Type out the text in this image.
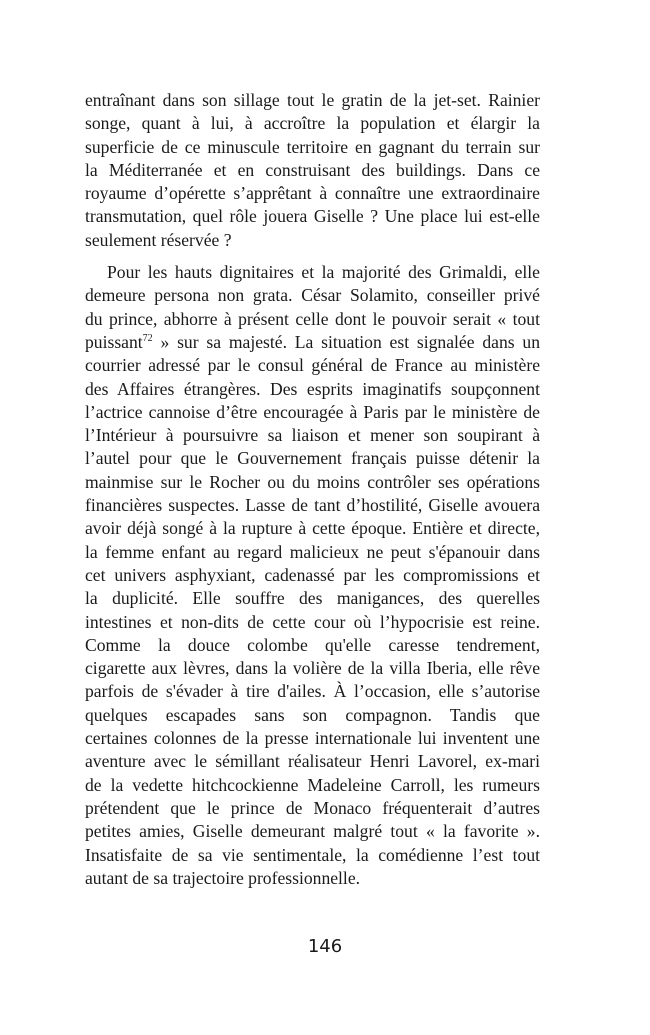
entraînant dans son sillage tout le gratin de la jet-set. Rainier
songe, quant à lui, à accroître la population et élargir la
superficie de ce minuscule territoire en gagnant du terrain sur
la Méditerranée et en construisant des buildings. Dans ce
royaume d’opérette s’apprêtant à connaître une extraordinaire
transmutation, quel rôle jouera Giselle ? Une place lui est-elle
seulement réservée ?

Pour les hauts dignitaires et la majorité des Grimaldi, elle
demeure persona non grata. César Solamito, conseiller privé
du prince, abhorre à présent celle dont le pouvoir serait « tout
puissant$^{72}$ » sur sa majesté. La situation est signalée dans un
courrier adressé par le consul général de France au ministère
des Affaires étrangères. Des esprits imaginatifs soupçonnent
l’actrice cannoise d’être encouragée à Paris par le ministère de
l’Intérieur à poursuivre sa liaison et mener son soupirant à
l’autel pour que le Gouvernement français puisse détenir la
mainmise sur le Rocher ou du moins contrôler ses opérations
financières suspectes. Lasse de tant d’hostilité, Giselle avouera
avoir déjà songé à la rupture à cette époque. Entière et directe,
la femme enfant au regard malicieux ne peut s'épanouir dans
cet univers asphyxiant, cadenassé par les compromissions et
la duplicité. Elle souffre des manigances, des querelles
intestines et non-dits de cette cour où l’hypocrisie est reine.
Comme la douce colombe qu'elle caresse tendrement,
cigarette aux lèvres, dans la volière de la villa Iberia, elle rêve
parfois de s'évader à tire d'ailes. À l’occasion, elle s’autorise
quelques escapades sans son compagnon. Tandis que
certaines colonnes de la presse internationale lui inventent une
aventure avec le sémillant réalisateur Henri Lavorel, ex-mari
de la vedette hitchcockienne Madeleine Carroll, les rumeurs
prétendent que le prince de Monaco fréquenterait d’autres
petites amies, Giselle demeurant malgré tout « la favorite ».
Insatisfaite de sa vie sentimentale, la comédienne l’est tout
autant de sa trajectoire professionnelle.

146
